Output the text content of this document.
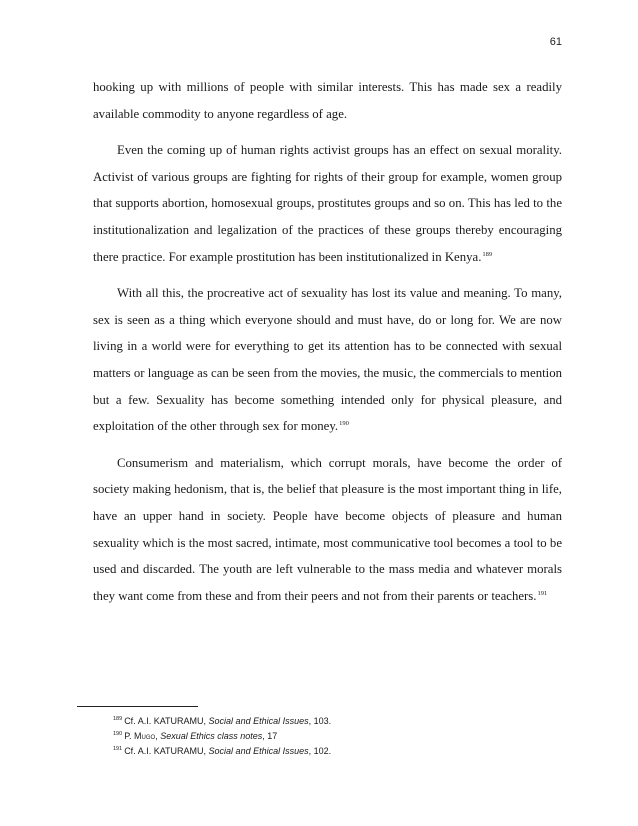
61

hooking up with millions of people with similar interests. This has made sex a readily available commodity to anyone regardless of age.

Even the coming up of human rights activist groups has an effect on sexual morality. Activist of various groups are fighting for rights of their group for example, women group that supports abortion, homosexual groups, prostitutes groups and so on. This has led to the institutionalization and legalization of the practices of these groups thereby encouraging there practice. For example prostitution has been institutionalized in Kenya.$^{189}$

With all this, the procreative act of sexuality has lost its value and meaning. To many, sex is seen as a thing which everyone should and must have, do or long for. We are now living in a world were for everything to get its attention has to be connected with sexual matters or language as can be seen from the movies, the music, the commercials to mention but a few. Sexuality has become something intended only for physical pleasure, and exploitation of the other through sex for money.$^{190}$

Consumerism and materialism, which corrupt morals, have become the order of society making hedonism, that is, the belief that pleasure is the most important thing in life, have an upper hand in society. People have become objects of pleasure and human sexuality which is the most sacred, intimate, most communicative tool becomes a tool to be used and discarded. The youth are left vulnerable to the mass media and whatever morals they want come from these and from their peers and not from their parents or teachers.$^{191}$

$^{189}$ Cf. A.I. KATURAMU, Social and Ethical Issues, 103.
$^{190}$ P. Mugo, Sexual Ethics class notes, 17
$^{191}$ Cf. A.I. KATURAMU, Social and Ethical Issues, 102.
